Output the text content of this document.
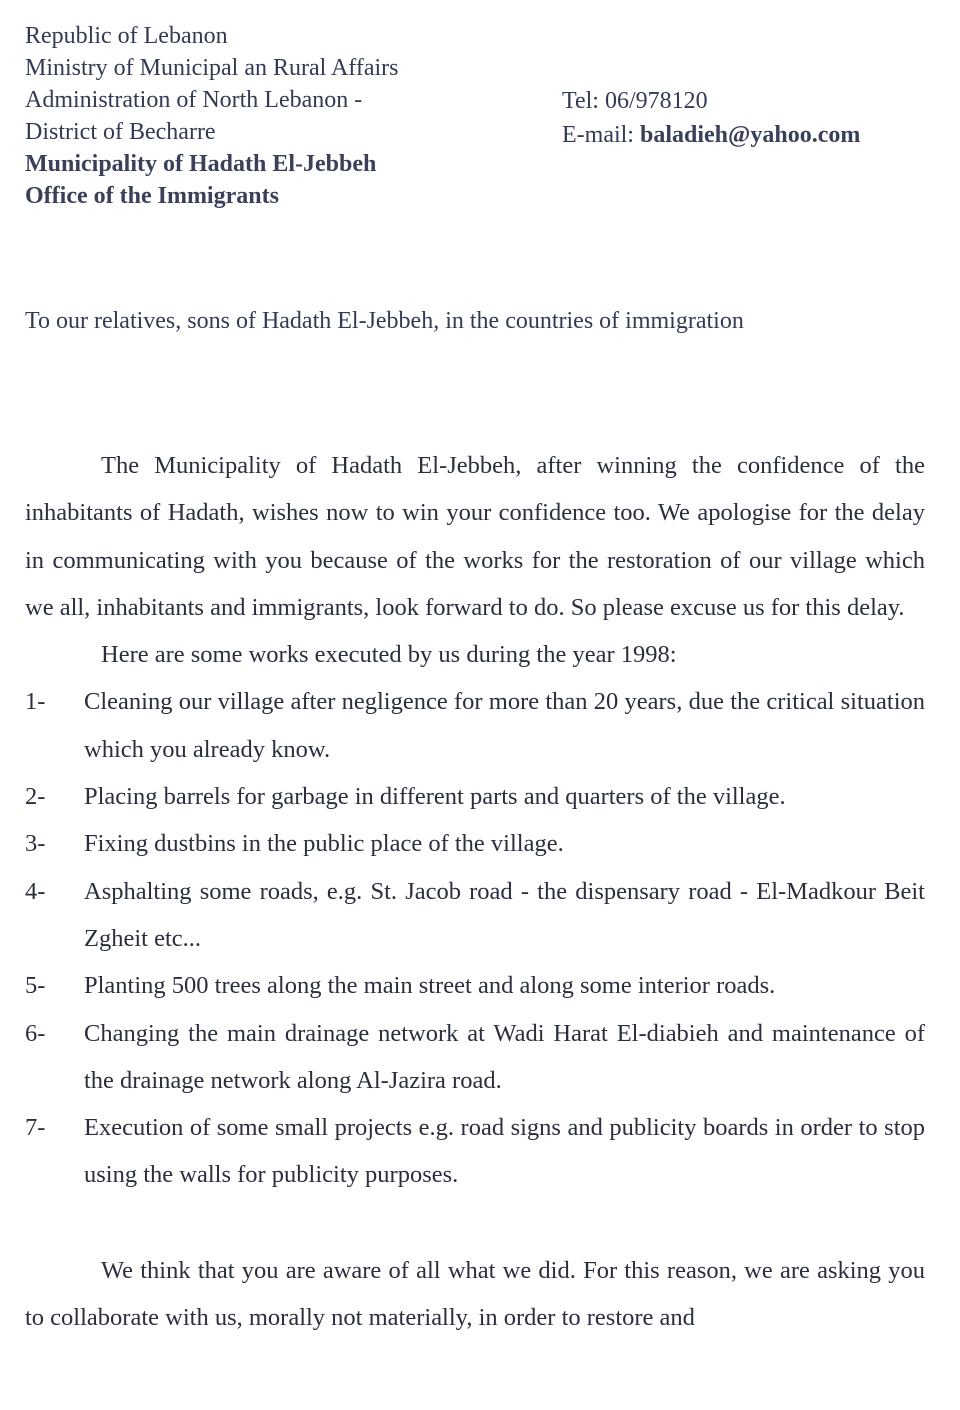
Republic of Lebanon
Ministry of Municipal an Rural Affairs
Administration of North Lebanon -
District of Becharre
Municipality of Hadath El-Jebbeh
Office of the Immigrants
Tel: 06/978120
E-mail: baladieh@yahoo.com
To our relatives, sons of Hadath El-Jebbeh, in the countries of immigration

The Municipality of Hadath El-Jebbeh, after winning the confidence of the inhabitants of Hadath, wishes now to win your confidence too. We apologise for the delay in communicating with you because of the works for the restoration of our village which we all, inhabitants and immigrants, look forward to do. So please excuse us for this delay.

Here are some works executed by us during the year 1998:

1-	Cleaning our village after negligence for more than 20 years, due the critical situation which you already know.
2-	Placing barrels for garbage in different parts and quarters of the village.
3-	Fixing dustbins in the public place of the village.
4-	Asphalting some roads, e.g. St. Jacob road - the dispensary road - El-Madkour Beit Zgheit etc...
5-	Planting 500 trees along the main street and along some interior roads.
6-	Changing the main drainage network at Wadi Harat El-diabieh and maintenance of the drainage network along Al-Jazira road.
7-	Execution of some small projects e.g. road signs and publicity boards in order to stop using the walls for publicity purposes.

We think that you are aware of all what we did. For this reason, we are asking you to collaborate with us, morally not materially, in order to restore and
